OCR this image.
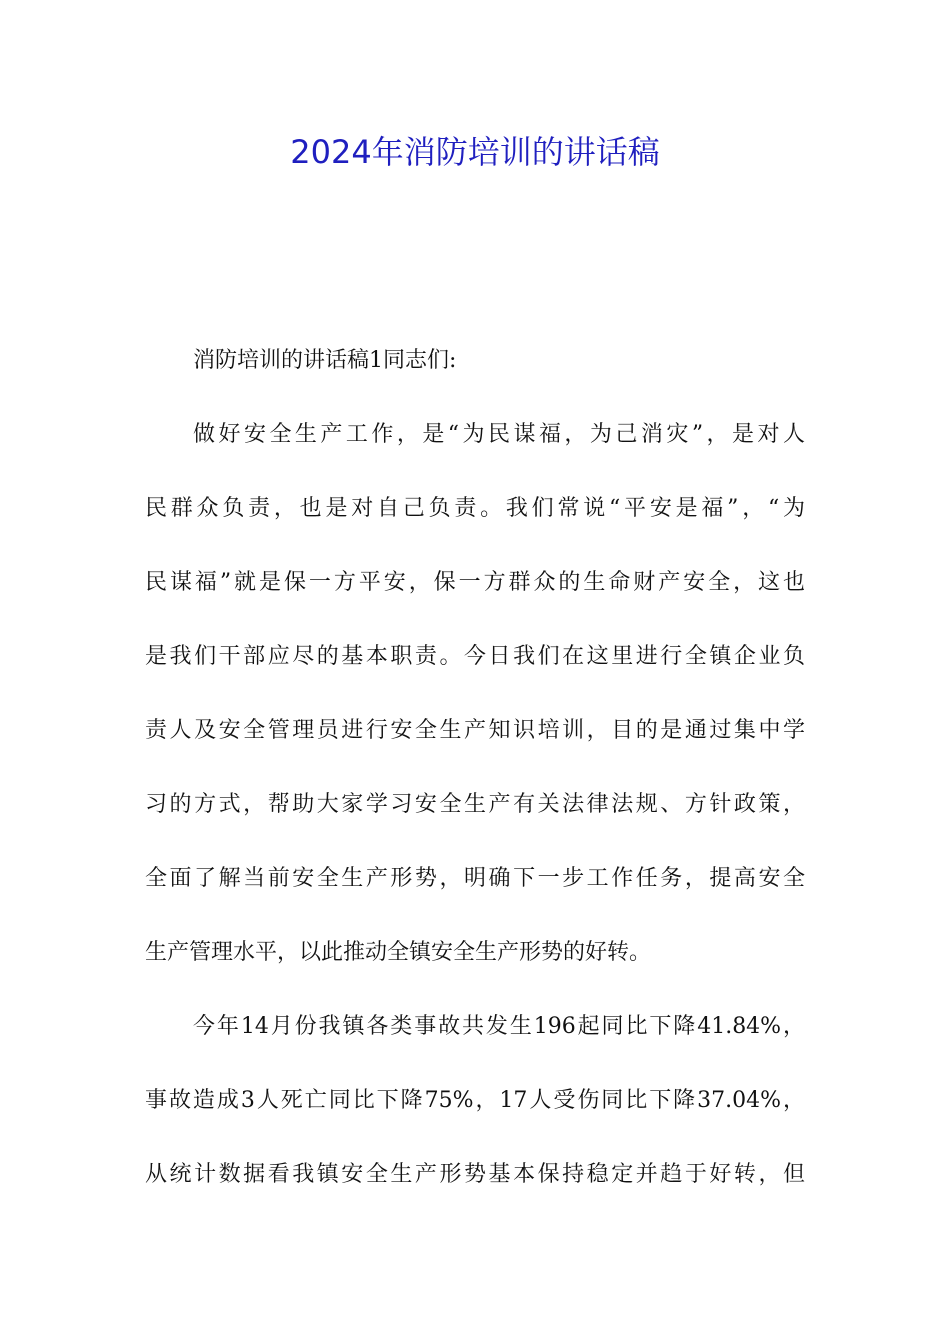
2024年消防培训的讲话稿
消防培训的讲话稿1同志们:
做好安全生产工作，是“为民谋福，为己消灾”，是对人
民群众负责，也是对自己负责。我们常说“平安是福”，“为
民谋福”就是保一方平安，保一方群众的生命财产安全，这也
是我们干部应尽的基本职责。今日我们在这里进行全镇企业负
责人及安全管理员进行安全生产知识培训，目的是通过集中学
习的方式，帮助大家学习安全生产有关法律法规、方针政策，
全面了解当前安全生产形势，明确下一步工作任务，提高安全
生产管理水平，以此推动全镇安全生产形势的好转。
今年14月份我镇各类事故共发生196起同比下降41.84%，
事故造成3人死亡同比下降75%，17人受伤同比下降37.04%，
从统计数据看我镇安全生产形势基本保持稳定并趋于好转，但
